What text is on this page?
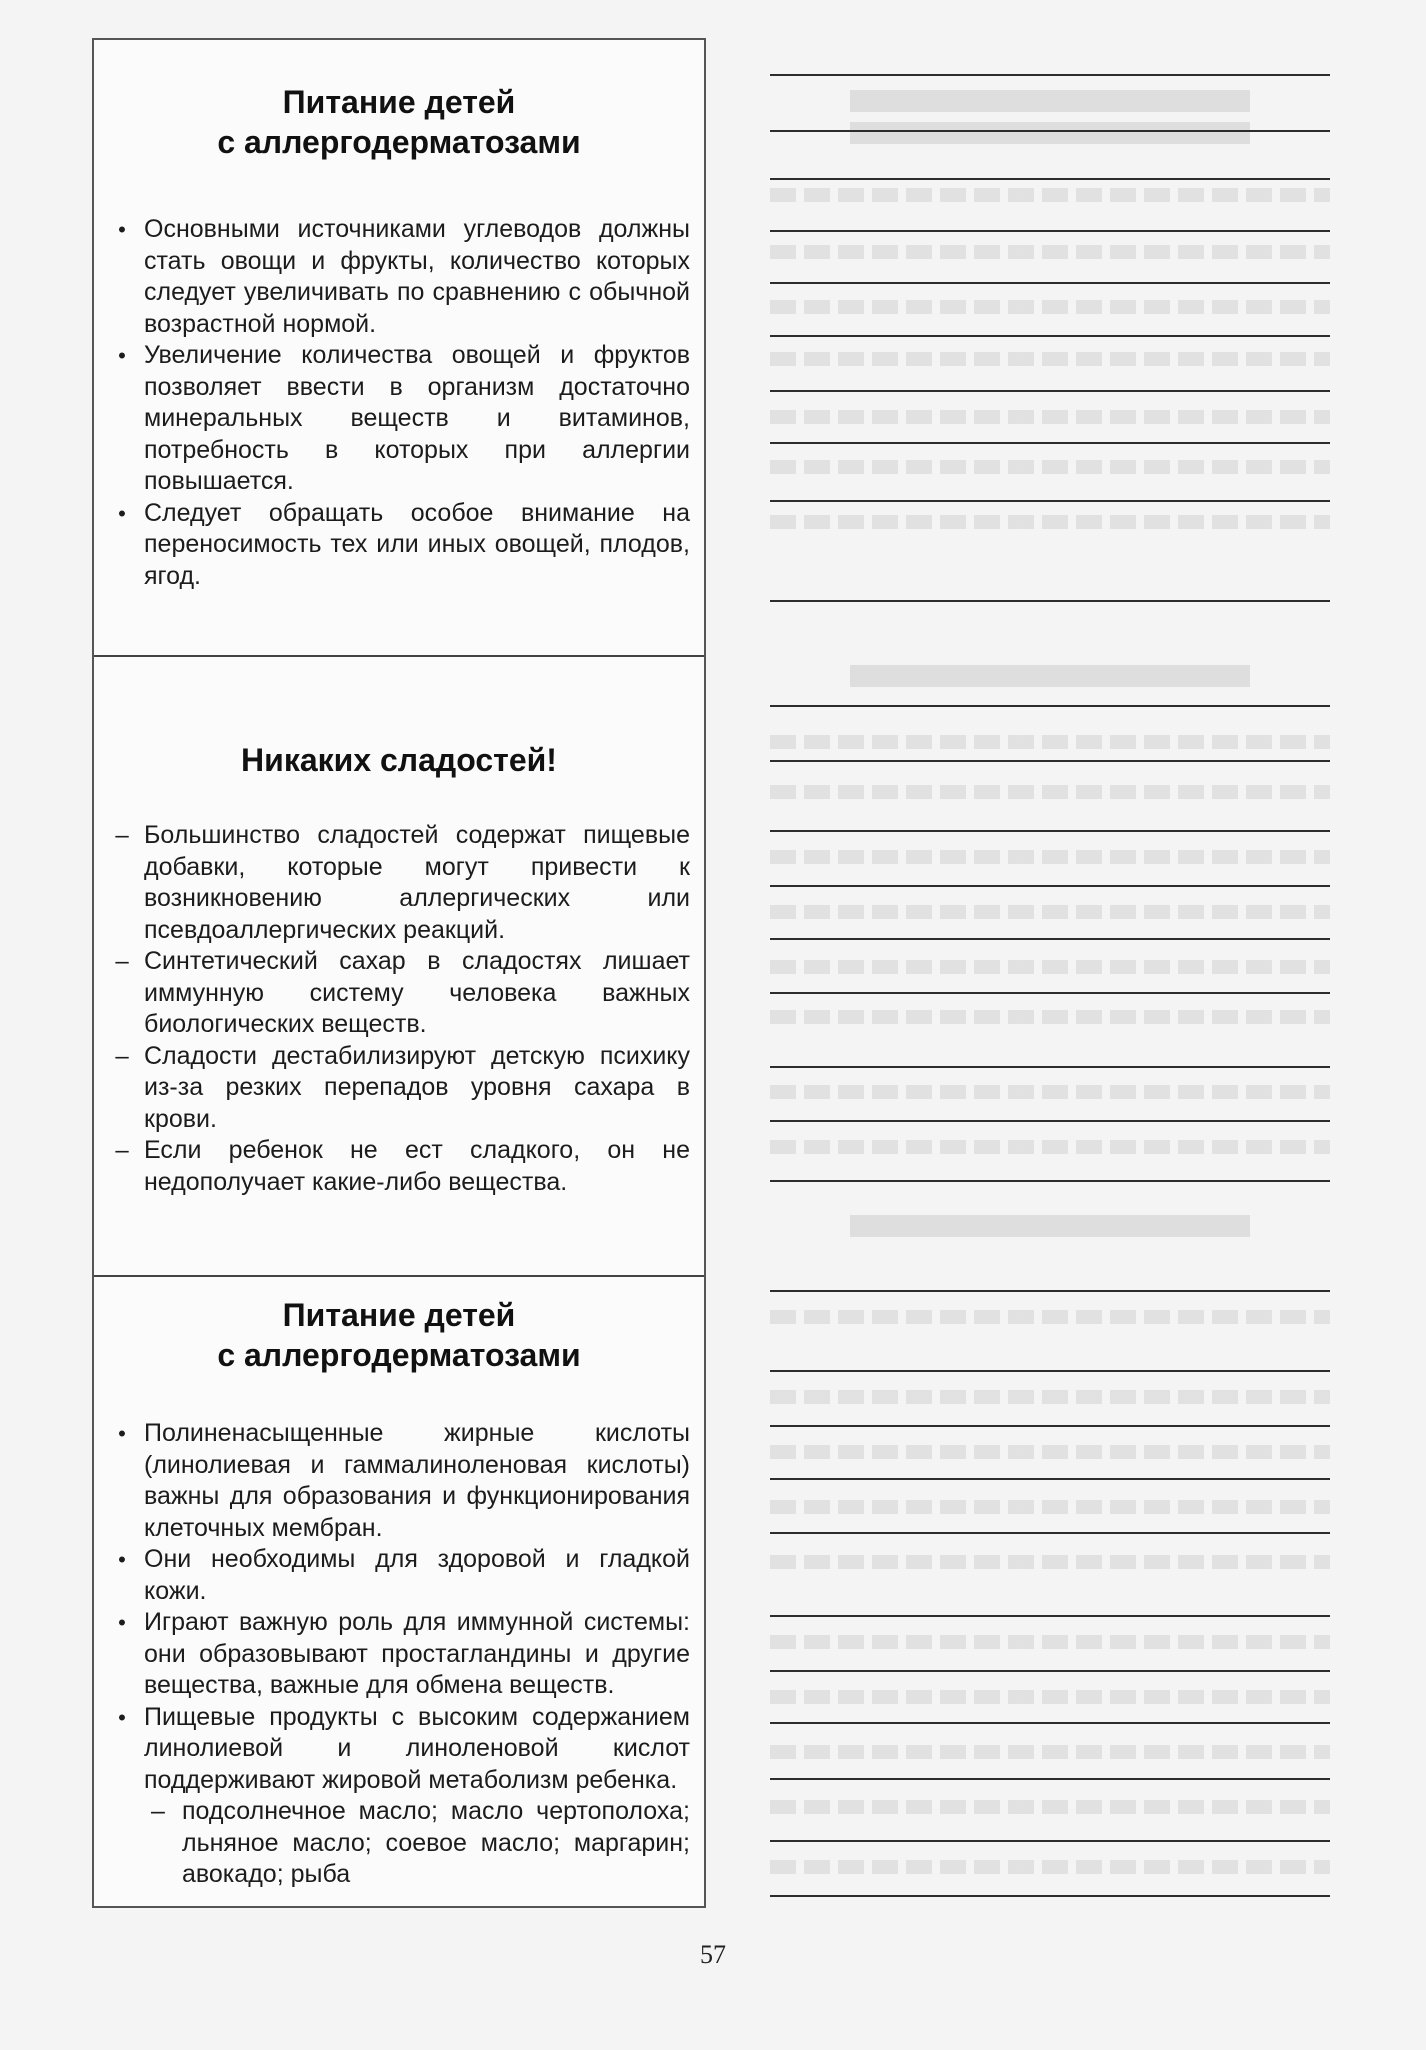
Питание детей
с аллергодерматозами
• Основными источниками углеводов должны стать овощи и фрукты, количество которых следует увеличивать по сравнению с обычной возрастной нормой.
• Увеличение количества овощей и фруктов позволяет ввести в организм достаточно минеральных веществ и витаминов, потребность в которых при аллергии повышается.
• Следует обращать особое внимание на переносимость тех или иных овощей, плодов, ягод.
Никаких сладостей!
– Большинство сладостей содержат пищевые добавки, которые могут привести к возникновению аллергических или псевдоаллергических реакций.
– Синтетический сахар в сладостях лишает иммунную систему человека важных биологических веществ.
– Сладости дестабилизируют детскую психику из-за резких перепадов уровня сахара в крови.
– Если ребенок не ест сладкого, он не недополучает какие-либо вещества.
Питание детей
с аллергодерматозами
• Полиненасыщенные жирные кислоты (линолиевая и гаммалиноленовая кислоты) важны для образования и функционирования клеточных мембран.
• Они необходимы для здоровой и гладкой кожи.
• Играют важную роль для иммунной системы: они образовывают простагландины и другие вещества, важные для обмена веществ.
• Пищевые продукты с высоким содержанием линолиевой и линоленовой кислот поддерживают жировой метаболизм ребенка.
– подсолнечное масло; масло чертополоха; льняное масло; соевое масло; маргарин; авокадо; рыба
57
